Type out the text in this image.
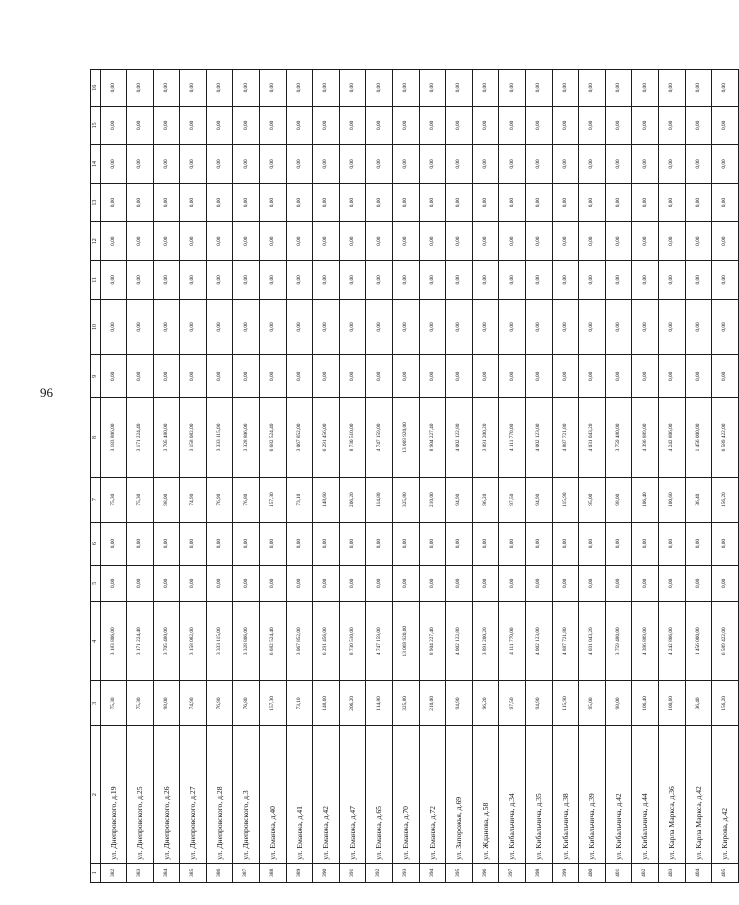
96
1	2	3	4	5	6	7	8	9	10	11	12	13	14	15	16
382	ул. Днепровского, д.19	75,30	3 183 806,00	0,00	0,00	75,30	3 183 806,00	0,00	0,00	0,00	0,00	0,00	0,00	0,00	0,00
383	ул. Днепровского, д.25	75,30	3 171 224,40	0,00	0,00	75,30	3 171 224,40	0,00	0,00	0,00	0,00	0,00	0,00	0,00	0,00
384	ул. Днепровского, д.26	98,00	3 705 480,00	0,00	0,00	98,00	3 705 480,00	0,00	0,00	0,00	0,00	0,00	0,00	0,00	0,00
385	ул. Днепровского, д.27	74,90	3 158 082,00	0,00	0,00	74,90	3 158 082,00	0,00	0,00	0,00	0,00	0,00	0,00	0,00	0,00
386	ул. Днепровского, д.28	76,90	3 333 115,00	0,00	0,00	76,90	3 333 115,00	0,00	0,00	0,00	0,00	0,00	0,00	0,00	0,00
387	ул. Днепровского, д.3	76,80	3 328 806,00	0,00	0,00	76,80	3 328 806,00	0,00	0,00	0,00	0,00	0,00	0,00	0,00	0,00
388	ул. Еманжа, д.40	157,30	6 682 524,40	0,00	0,00	157,30	6 682 524,40	0,00	0,00	0,00	0,00	0,00	0,00	0,00	0,00
389	ул. Еманжа, д.41	73,10	3 067 852,00	0,00	0,00	73,10	3 067 852,00	0,00	0,00	0,00	0,00	0,00	0,00	0,00	0,00
390	ул. Еманжа, д.42	148,60	6 291 456,00	0,00	0,00	148,60	6 291 456,00	0,00	0,00	0,00	0,00	0,00	0,00	0,00	0,00
391	ул. Еманжа, д.47	206,20	8 730 510,00	0,00	0,00	206,20	8 730 510,00	0,00	0,00	0,00	0,00	0,00	0,00	0,00	0,00
392	ул. Еманжа, д.65	114,80	4 747 159,00	0,00	0,00	114,80	4 747 159,00	0,00	0,00	0,00	0,00	0,00	0,00	0,00	0,00
393	ул. Еманжа, д.70	325,80	13 069 920,00	0,00	0,00	325,80	13 069 920,00	0,00	0,00	0,00	0,00	0,00	0,00	0,00	0,00
394	ул. Еманжа, д.72	210,00	8 904 227,40	0,00	0,00	210,00	8 904 227,40	0,00	0,00	0,00	0,00	0,00	0,00	0,00	0,00
395	ул. Запорожья, д.69	94,90	4 002 122,80	0,00	0,00	94,90	4 002 122,80	0,00	0,00	0,00	0,00	0,00	0,00	0,00	0,00
396	ул. Жданова, д.58	96,20	3 891 200,20	0,00	0,00	96,20	3 891 200,20	0,00	0,00	0,00	0,00	0,00	0,00	0,00	0,00
397	ул. Кибальчича, д.34	97,50	4 111 770,00	0,00	0,00	97,50	4 111 770,00	0,00	0,00	0,00	0,00	0,00	0,00	0,00	0,00
398	ул. Кибальчича, д.35	94,90	4 002 123,00	0,00	0,00	94,90	4 002 123,00	0,00	0,00	0,00	0,00	0,00	0,00	0,00	0,00
399	ул. Кибальчича, д.38	115,90	4 887 721,80	0,00	0,00	115,90	4 887 721,80	0,00	0,00	0,00	0,00	0,00	0,00	0,00	0,00
400	ул. Кибальчича, д.39	95,00	4 031 043,20	0,00	0,00	95,00	4 031 043,20	0,00	0,00	0,00	0,00	0,00	0,00	0,00	0,00
401	ул. Кибальчича, д.42	98,00	3 759 480,00	0,00	0,00	98,00	3 759 480,00	0,00	0,00	0,00	0,00	0,00	0,00	0,00	0,00
402	ул. Кибальчича, д.44	106,40	4 396 889,00	0,00	0,00	106,40	4 396 889,00	0,00	0,00	0,00	0,00	0,00	0,00	0,00	0,00
403	ул. Карла Маркса, д.36	100,60	4 242 806,00	0,00	0,00	100,60	4 242 806,00	0,00	0,00	0,00	0,00	0,00	0,00	0,00	0,00
404	ул. Карла Маркса, д.42	36,40	1 456 000,00	0,00	0,00	36,40	1 456 000,00	0,00	0,00	0,00	0,00	0,00	0,00	0,00	0,00
405	ул. Кирова, д.42	156,20	6 589 422,00	0,00	0,00	156,20	6 589 422,00	0,00	0,00	0,00	0,00	0,00	0,00	0,00	0,00
